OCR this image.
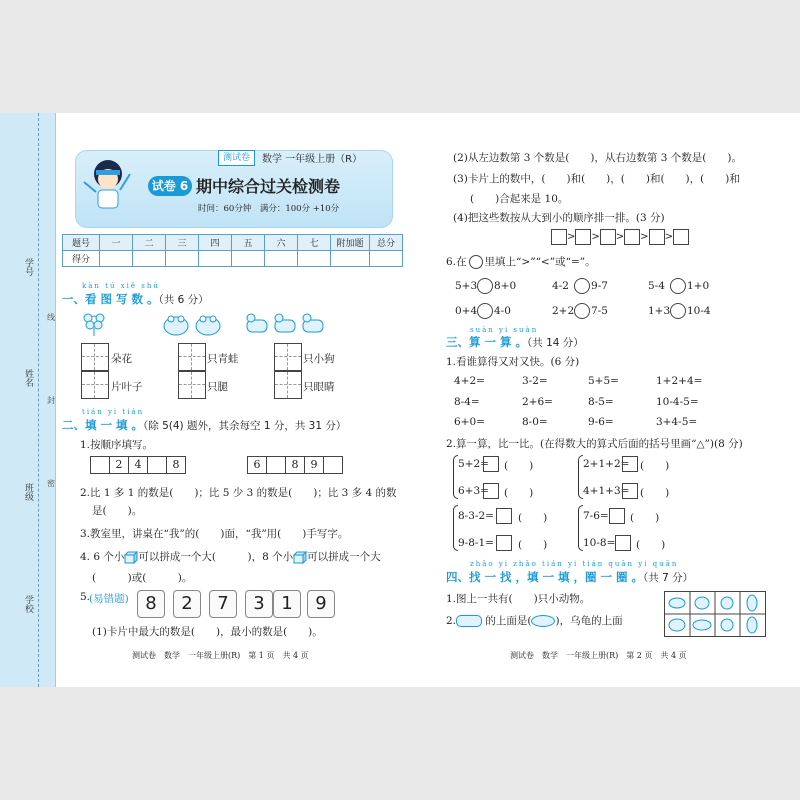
学号
姓名
班级
学校
线
封
密
测试卷	数学 一年级上册（R）
试卷 6 期中综合过关检测卷
时间：60分钟　满分：100分 +10分
题号	一	二	三	四	五	六	七	附加题	总分
得分									
kàn tú xiě shù
一、看 图 写 数 。（共 6 分）
朵花	只青蛙	只小狗
片叶子	只腿	只眼睛
tián yi tián
二、填 一 填 。（除 5(4) 题外，其余每空 1 分，共 31 分）
1.按顺序填写。
2	4	8	6	8	9
2.比 1 多 1 的数是(　　)；比 5 少 3 的数是(　　)；比 3 多 4 的数
是(　　)。
3.教室里，讲桌在“我”的(　　)面，“我”用(　　)手写字。
4. 6 个小 可以拼成一个大(　　　)，8 个小 可以拼成一个大
(　　　)或(　　　)。
5.
(易错题) 8	2	7	3 1	9
(1)卡片中最大的数是(　　)，最小的数是(　　)。
测试卷　数学　一年级上册(R)　第 1 页　共 4 页
(2)从左边数第 3 个数是(　　)，从右边数第 3 个数是(　　)。
(3)卡片上的数中，(　　)和(　　)，(　　)和(　　)，(　　)和
(　　)合起来是 10。
(4)把这些数按从大到小的顺序排一排。(3 分)
> > > > >
6.在 里填上“>”“<”或“=”。
5+3 8+0	4-2 9-7	5-4 1+0
0+4 4-0	2+2 7-5	1+3 10-4
suàn yi suàn
三、算 一 算 。（共 14 分）
1.看谁算得又对又快。(6 分)
4+2=	3-2=	5+5=	1+2+4=
8-4=	2+6=	8-5=	10-4-5=
6+0=	8-0=	9-6=	3+4-5=
2.算一算，比一比。(在得数大的算式后面的括号里画“△”)(8 分)
5+2= (　　)
6+3= (　　)
2+1+2= (　　)
4+1+3= (　　)
8-3-2= (　　)
9-8-1= (　　)
7-6= (　　)
10-8= (　　)
zhǎo yi zhǎo tián yi tián quān yi quān
四、找 一 找 ，填 一 填 ，圈 一 圈 。（共 7 分）
1.图上一共有(　　)只小动物。
2.	的上面是( )，乌龟的上面
测试卷　数学　一年级上册(R)　第 2 页　共 4 页
